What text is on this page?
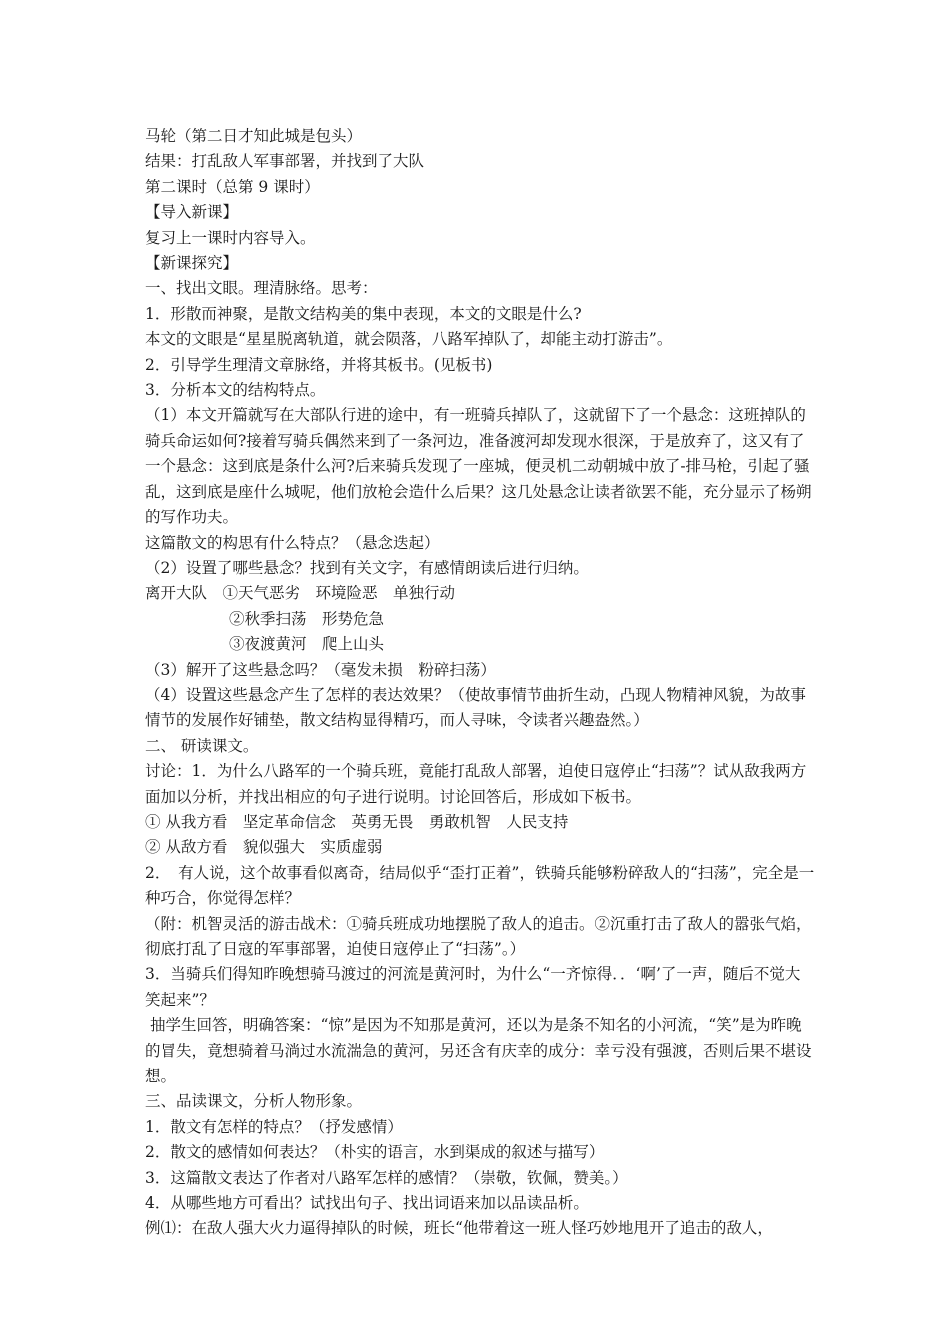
马轮（第二日才知此城是包头）

结果：打乱敌人军事部署，并找到了大队

第二课时（总第 9 课时）

【导入新课】

复习上一课时内容导入。

【新课探究】

一、找出文眼。理清脉络。思考：

1．形散而神聚，是散文结构美的集中表现，本文的文眼是什么?

本文的文眼是“星星脱离轨道，就会陨落，八路军掉队了，却能主动打游击”。

2．引导学生理清文章脉络，并将其板书。(见板书)

3．分析本文的结构特点。

（1）本文开篇就写在大部队行进的途中，有一班骑兵掉队了，这就留下了一个悬念：这班掉队的骑兵命运如何?接着写骑兵偶然来到了一条河边，准备渡河却发现水很深，于是放弃了，这又有了一个悬念：这到底是条什么河?后来骑兵发现了一座城，便灵机二动朝城中放了-排马枪，引起了骚乱，这到底是座什么城呢，他们放枪会造什么后果？这几处悬念让读者欲罢不能，充分显示了杨朔的写作功夫。

这篇散文的构思有什么特点？（悬念迭起）

（2）设置了哪些悬念？找到有关文字，有感情朗读后进行归纳。

离开大队　①天气恶劣　环境险恶　单独行动

②秋季扫荡　形势危急

③夜渡黄河　爬上山头

（3）解开了这些悬念吗？（毫发未损　粉碎扫荡）

（4）设置这些悬念产生了怎样的表达效果？（使故事情节曲折生动，凸现人物精神风貌，为故事情节的发展作好铺垫，散文结构显得精巧，而人寻味，令读者兴趣盎然。）

二、 研读课文。

讨论：1．为什么八路军的一个骑兵班，竟能打乱敌人部署，迫使日寇停止“扫荡”？试从敌我两方面加以分析，并找出相应的句子进行说明。讨论回答后，形成如下板书。

① 从我方看　坚定革命信念　英勇无畏　勇敢机智　人民支持

② 从敌方看　貌似强大　实质虚弱

2．　有人说，这个故事看似离奇，结局似乎“歪打正着”，铁骑兵能够粉碎敌人的“扫荡”，完全是一种巧合，你觉得怎样？

（附：机智灵活的游击战术：①骑兵班成功地摆脱了敌人的追击。②沉重打击了敌人的嚣张气焰，彻底打乱了日寇的军事部署，迫使日寇停止了“扫荡”。）

3．当骑兵们得知昨晚想骑马渡过的河流是黄河时，为什么“一齐惊得．．‘啊’了一声，随后不觉大笑起来”？

抽学生回答，明确答案：“惊”是因为不知那是黄河，还以为是条不知名的小河流，“笑”是为昨晚的冒失，竟想骑着马淌过水流湍急的黄河，另还含有庆幸的成分：幸亏没有强渡，否则后果不堪设想。

三、品读课文，分析人物形象。

1．散文有怎样的特点？（抒发感情）

2．散文的感情如何表达？（朴实的语言，水到渠成的叙述与描写）

3．这篇散文表达了作者对八路军怎样的感情？（崇敬，钦佩，赞美。）

4．从哪些地方可看出？试找出句子、找出词语来加以品读品析。

例⑴：在敌人强大火力逼得掉队的时候，班长“他带着这一班人怪巧妙地甩开了追击的敌人，
